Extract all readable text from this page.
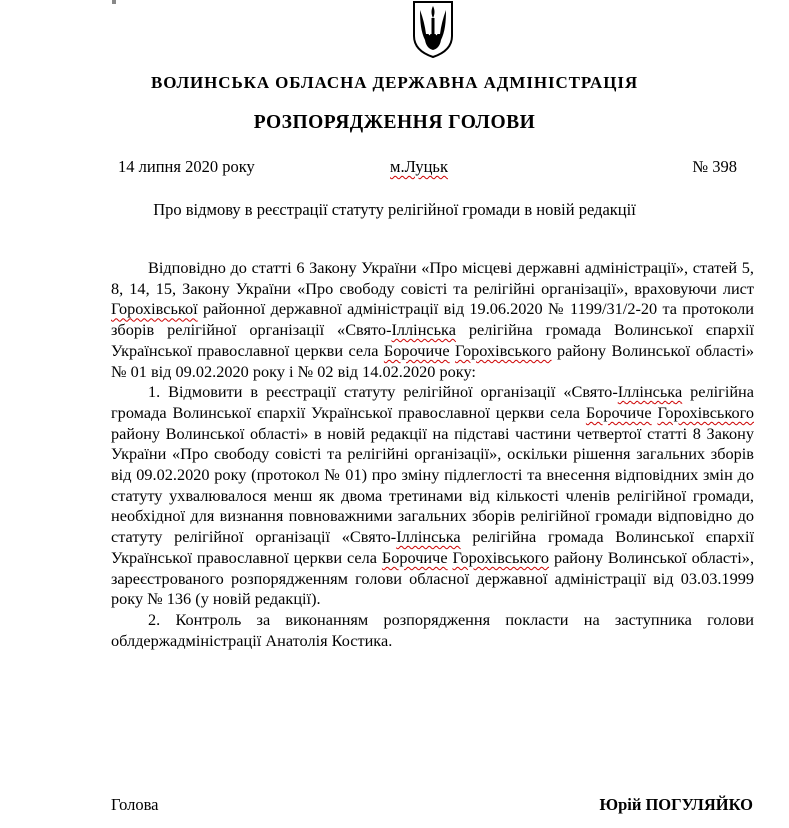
ВОЛИНСЬКА ОБЛАСНА ДЕРЖАВНА АДМІНІСТРАЦІЯ
РОЗПОРЯДЖЕННЯ ГОЛОВИ
14 липня 2020 року	м.Луцьк	№ 398
Про відмову в реєстрації статуту релігійної громади в новій редакції

Відповідно до статті 6 Закону України «Про місцеві державні адміністрації», статей 5, 8, 14, 15, Закону України «Про свободу совісті та релігійні організації», враховуючи лист Горохівської районної державної адміністрації від 19.06.2020 № 1199/31/2-20 та протоколи зборів релігійної організації «Свято-Іллінська релігійна громада Волинської єпархії Української православної церкви села Борочиче Горохівського району Волинської області» № 01 від 09.02.2020 року і № 02 від 14.02.2020 року:

1. Відмовити в реєстрації статуту релігійної організації «Свято-Іллінська релігійна громада Волинської єпархії Української православної церкви села Борочиче Горохівського району Волинської області» в новій редакції на підставі частини четвертої статті 8 Закону України «Про свободу совісті та релігійні організації», оскільки рішення загальних зборів від 09.02.2020 року (протокол № 01) про зміну підлеглості та внесення відповідних змін до статуту ухвалювалося менш як двома третинами від кількості членів релігійної громади, необхідної для визнання повноважними загальних зборів релігійної громади відповідно до статуту релігійної організації «Свято-Іллінська релігійна громада Волинської єпархії Української православної церкви села Борочиче Горохівського району Волинської області», зареєстрованого розпорядженням голови обласної державної адміністрації від 03.03.1999 року № 136 (у новій редакції).

2. Контроль за виконанням розпорядження покласти на заступника голови облдержадміністрації Анатолія Костика.

Голова	Юрій ПОГУЛЯЙКО
